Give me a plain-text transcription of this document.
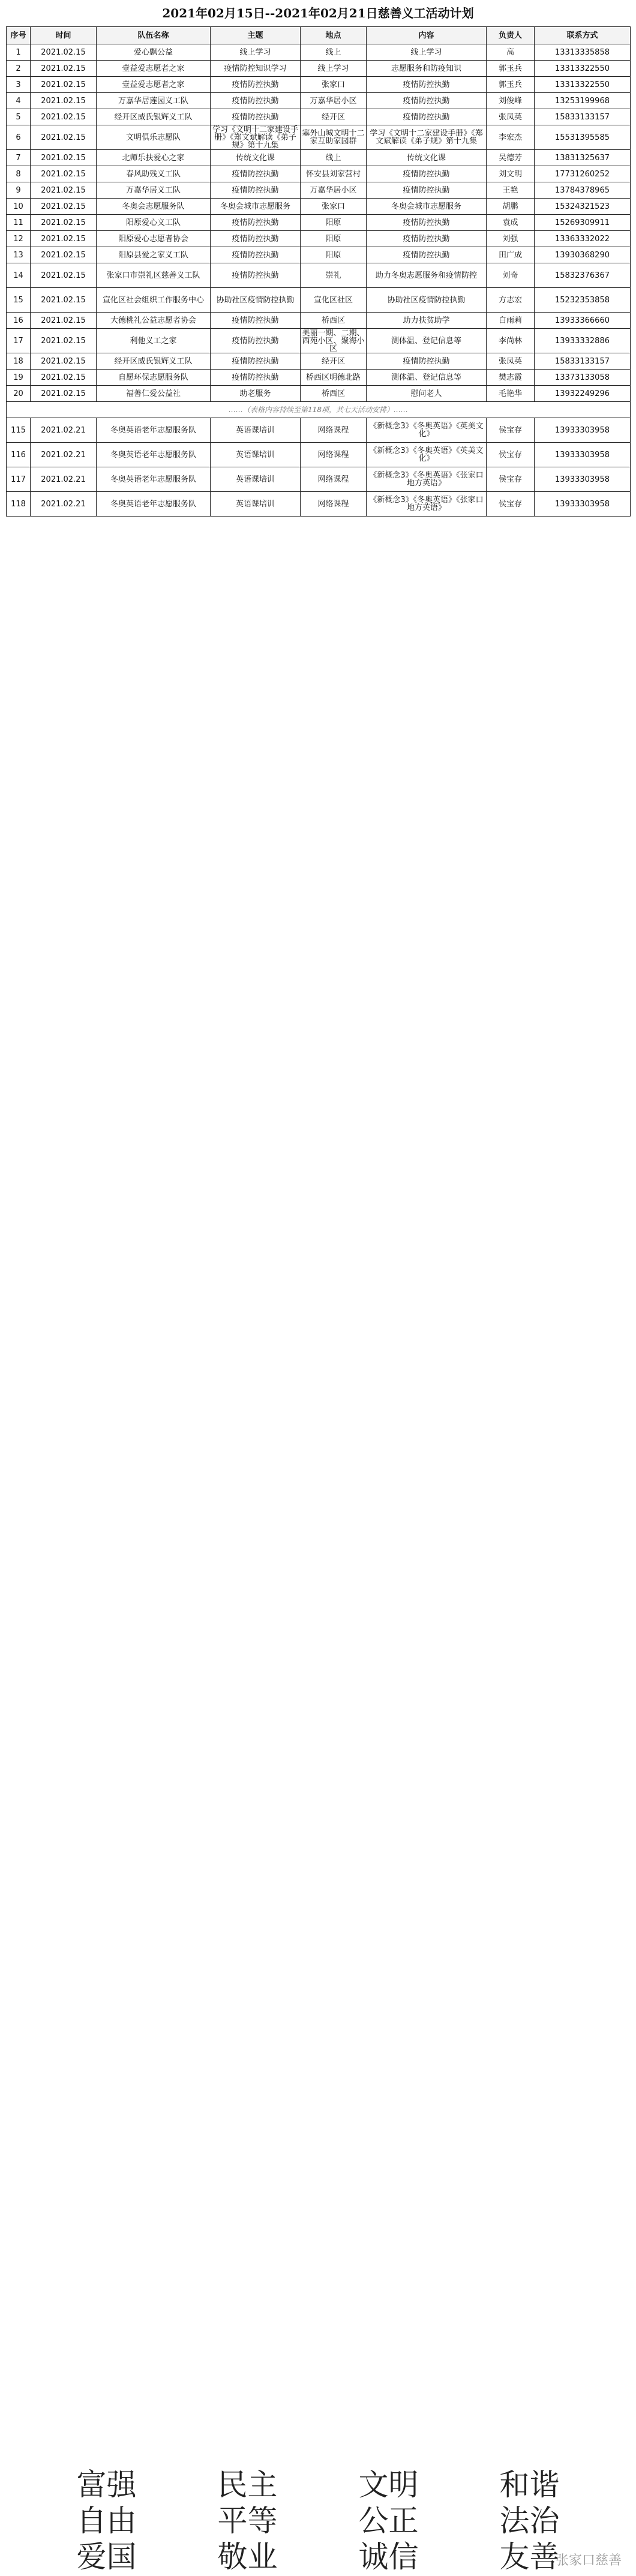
2021年02月15日--2021年02月21日慈善义工活动计划
序号	时间	队伍名称	主题	地点	内容	负责人	联系方式
1	2021.02.15	爱心飘公益	线上学习	线上	线上学习	高	13313335858
2	2021.02.15	壹益爱志愿者之家	疫情防控知识学习	线上学习	志愿服务和防疫知识	郭玉兵	13313322550
3	2021.02.15	壹益爱志愿者之家	疫情防控执勤	张家口	疫情防控执勤	郭玉兵	13313322550
4	2021.02.15	万嘉华居莲园义工队	疫情防控执勤	万嘉华居小区	疫情防控执勤	刘俊峰	13253199968
5	2021.02.15	经开区威氏银辉义工队	疫情防控执勤	经开区	疫情防控执勤	张凤英	15833133157
6	2021.02.15	文明俱乐志愿队	学习《文明十二家建设手册》《郑文斌解读《弟子规》第十九集	塞外山城文明十二家互助家园群	学习《文明十二家建设手册》《郑文斌解读《弟子规》第十九集	李宏杰	15531395585
7	2021.02.15	北师乐扶爱心之家	传统文化课	线上	传统文化课	吴德芳	13831325637
8	2021.02.15	春风助残义工队	疫情防控执勤	怀安县刘家营村	疫情防控执勤	刘文明	17731260252
9	2021.02.15	万嘉华居义工队	疫情防控执勤	万嘉华居小区	疫情防控执勤	王艳	13784378965
10	2021.02.15	冬奥会志愿服务队	冬奥会城市志愿服务	张家口	冬奥会城市志愿服务	胡鹏	15324321523
11	2021.02.15	阳原爱心义工队	疫情防控执勤	阳原	疫情防控执勤	袁成	15269309911
12	2021.02.15	阳原爱心志愿者协会	疫情防控执勤	阳原	疫情防控执勤	刘强	13363332022
13	2021.02.15	阳原县爱之家义工队	疫情防控执勤	阳原	疫情防控执勤	田广成	13930368290
14	2021.02.15	张家口市崇礼区慈善义工队	疫情防控执勤	崇礼	助力冬奥志愿服务和疫情防控	刘奇	15832376367
15	2021.02.15	宣化区社会组织工作服务中心	协助社区疫情防控执勤	宣化区社区	协助社区疫情防控执勤	方志宏	15232353858
16	2021.02.15	大德桃礼公益志愿者协会	疫情防控执勤	桥西区	助力扶贫助学	白雨莉	13933366660
17	2021.02.15	利他义工之家	疫情防控执勤	美丽一期、二期、西苑小区、聚海小区	测体温、登记信息等	李尚林	13933332886
18	2021.02.15	经开区威氏银辉义工队	疫情防控执勤	经开区	疫情防控执勤	张凤英	15833133157
19	2021.02.15	自愿环保志愿服务队	疫情防控执勤	桥西区明德北路	测体温、登记信息等	樊志霞	13373133058
20	2021.02.15	福善仁爱公益社	助老服务	桥西区	慰问老人	毛艳华	13932249296
……（表格内容持续至第118项，共七天活动安排）……							
115	2021.02.21	冬奥英语老年志愿服务队	英语课培训	网络课程	《新概念3》《冬奥英语》《英美文化》	侯宝存	13933303958
116	2021.02.21	冬奥英语老年志愿服务队	英语课培训	网络课程	《新概念3》《冬奥英语》《英美文化》	侯宝存	13933303958
117	2021.02.21	冬奥英语老年志愿服务队	英语课培训	网络课程	《新概念3》《冬奥英语》《张家口地方英语》	侯宝存	13933303958
118	2021.02.21	冬奥英语老年志愿服务队	英语课培训	网络课程	《新概念3》《冬奥英语》《张家口地方英语》	侯宝存	13933303958
富强	民主	文明	和谐
自由	平等	公正	法治
爱国	敬业	诚信	友善
张家口慈善
